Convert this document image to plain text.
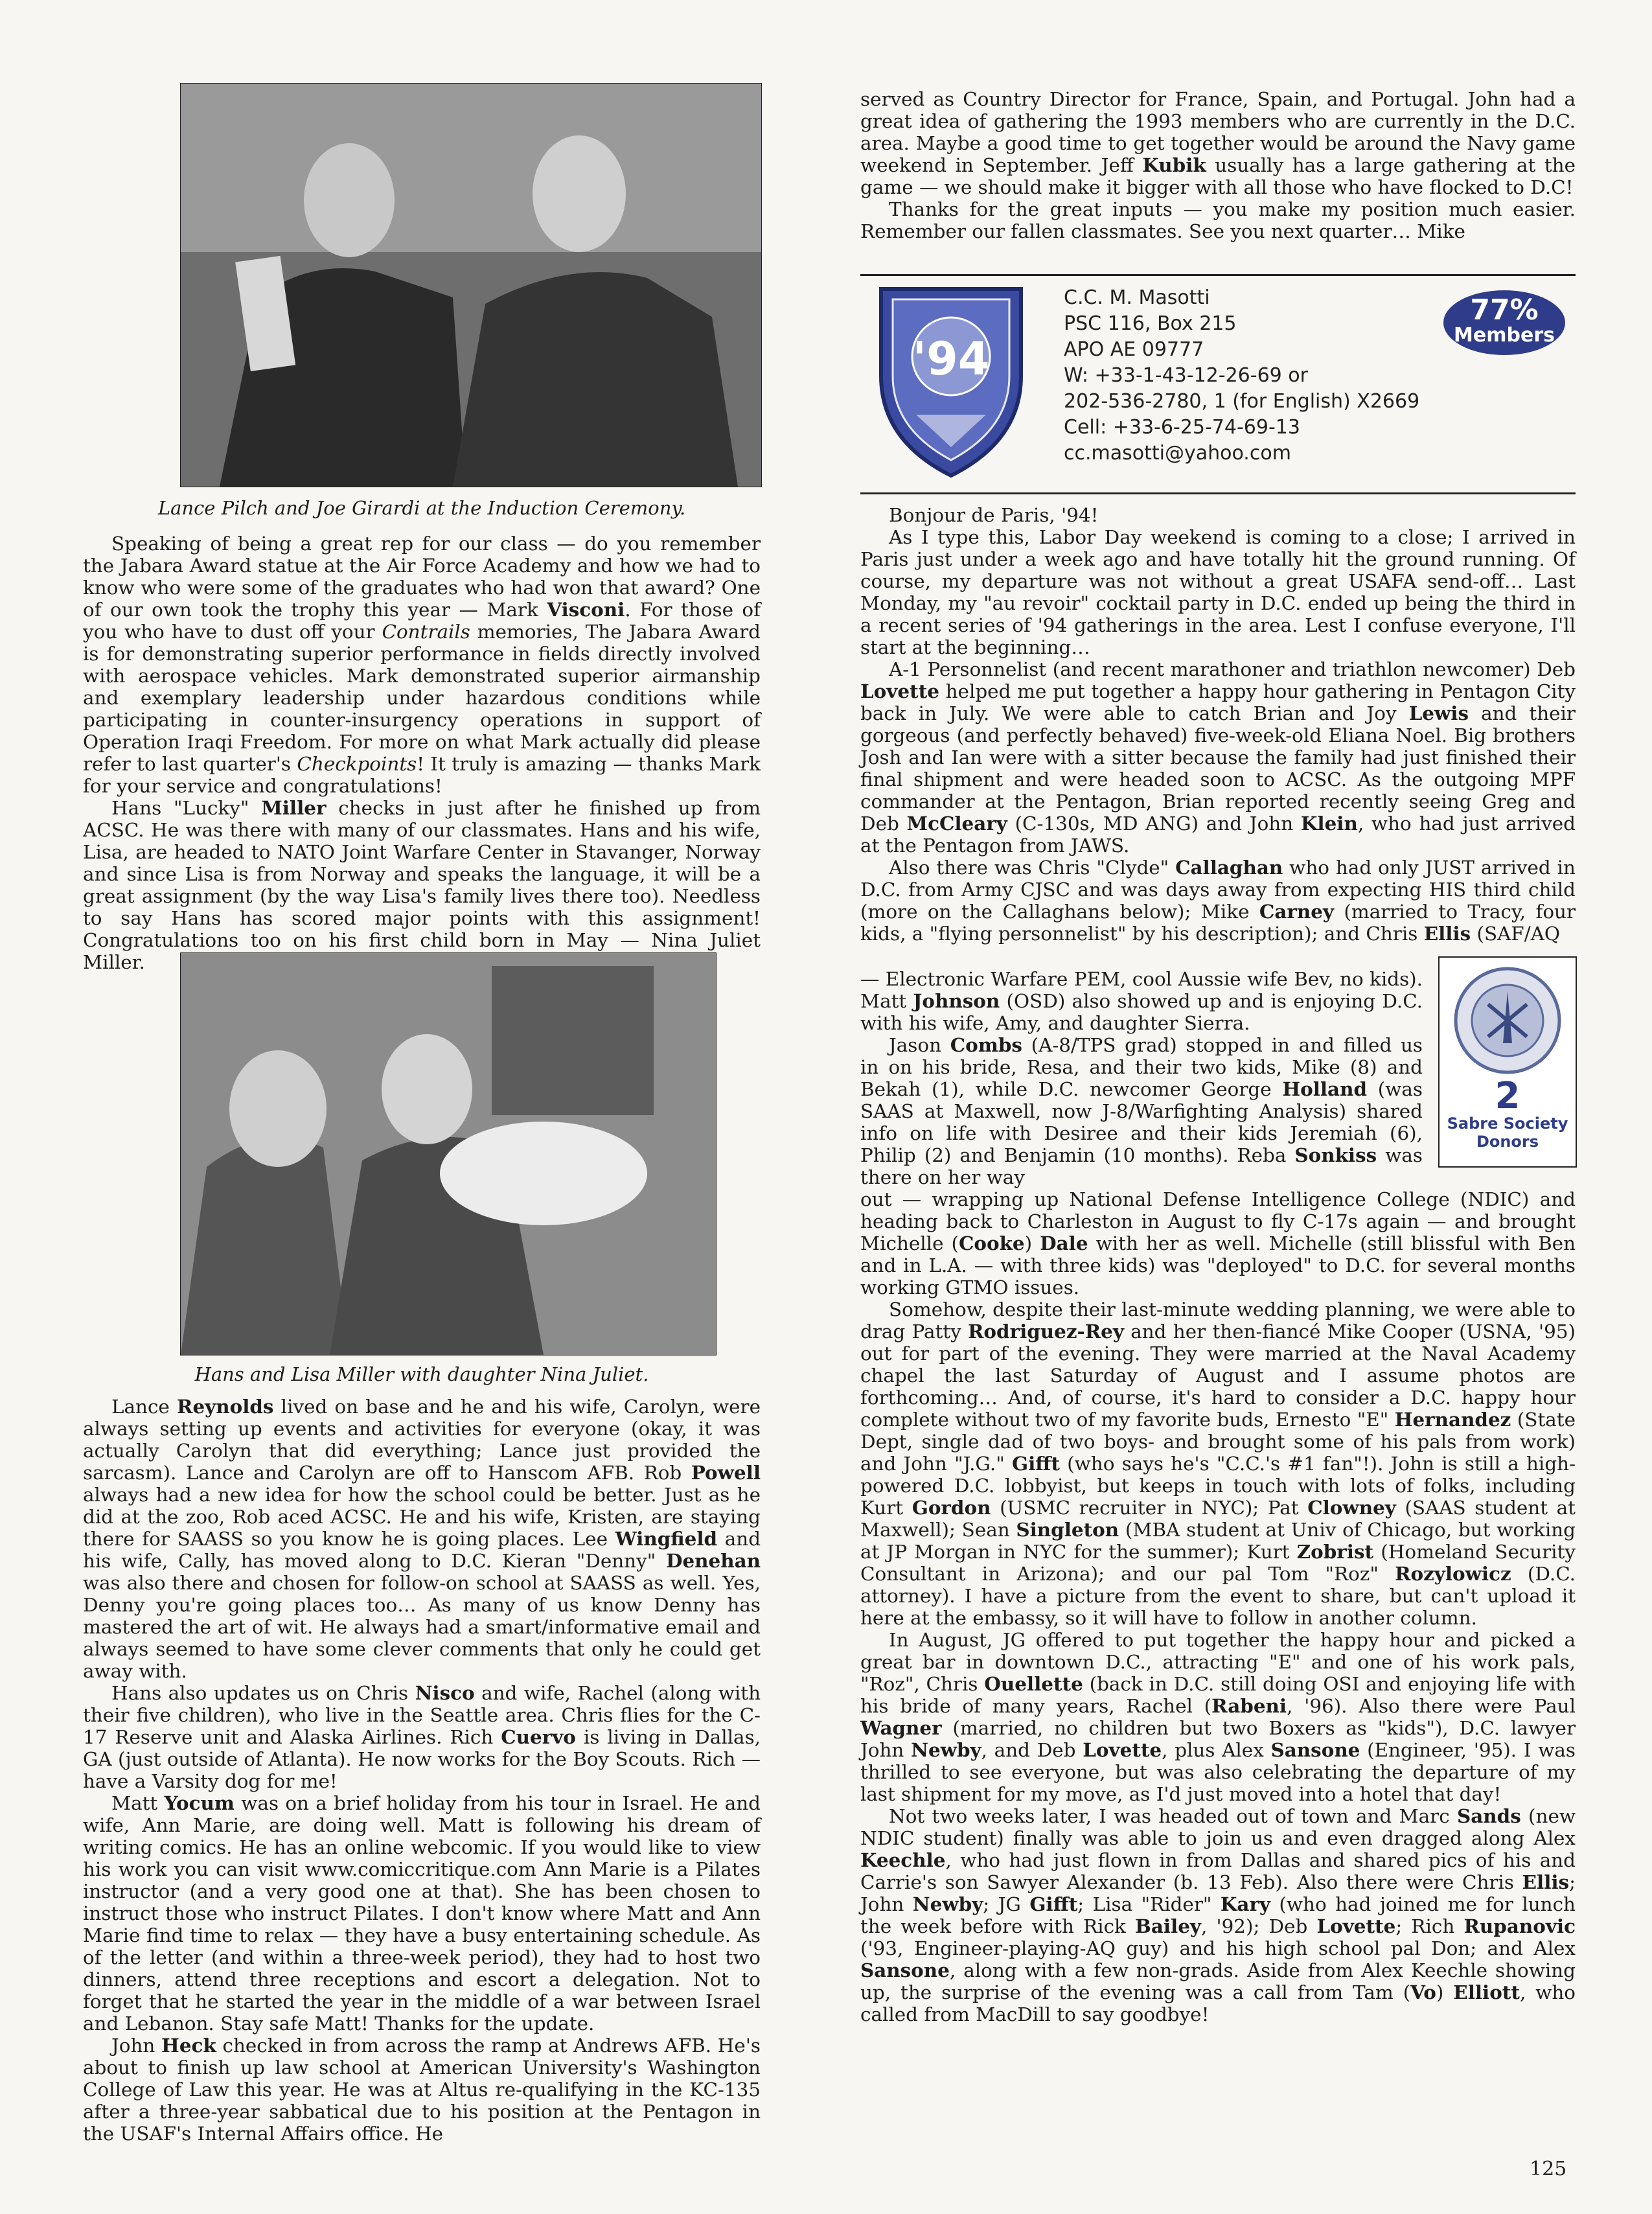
Lance Pilch and Joe Girardi at the Induction Ceremony.

Speaking of being a great rep for our class — do you remember the Jabara Award statue at the Air Force Academy and how we had to know who were some of the graduates who had won that award? One of our own took the trophy this year — Mark Visconi. For those of you who have to dust off your Contrails memories, The Jabara Award is for demonstrating superior performance in fields directly involved with aerospace vehicles. Mark demonstrated superior airmanship and exemplary leadership under hazardous conditions while participating in counter-insurgency operations in support of Operation Iraqi Freedom. For more on what Mark actually did please refer to last quarter's Checkpoints! It truly is amazing — thanks Mark for your service and congratulations!

Hans "Lucky" Miller checks in just after he finished up from ACSC. He was there with many of our classmates. Hans and his wife, Lisa, are headed to NATO Joint Warfare Center in Stavanger, Norway and since Lisa is from Norway and speaks the language, it will be a great assignment (by the way Lisa's family lives there too). Needless to say Hans has scored major points with this assignment! Congratulations too on his first child born in May — Nina Juliet Miller.

Hans and Lisa Miller with daughter Nina Juliet.

Lance Reynolds lived on base and he and his wife, Carolyn, were always setting up events and activities for everyone (okay, it was actually Carolyn that did everything; Lance just provided the sarcasm). Lance and Carolyn are off to Hanscom AFB. Rob Powell always had a new idea for how the school could be better. Just as he did at the zoo, Rob aced ACSC. He and his wife, Kristen, are staying there for SAASS so you know he is going places. Lee Wingfield and his wife, Cally, has moved along to D.C. Kieran "Denny" Denehan was also there and chosen for follow-on school at SAASS as well. Yes, Denny you're going places too… As many of us know Denny has mastered the art of wit. He always had a smart/informative email and always seemed to have some clever comments that only he could get away with.

Hans also updates us on Chris Nisco and wife, Rachel (along with their five children), who live in the Seattle area. Chris flies for the C-17 Reserve unit and Alaska Airlines. Rich Cuervo is living in Dallas, GA (just outside of Atlanta). He now works for the Boy Scouts. Rich — have a Varsity dog for me!

Matt Yocum was on a brief holiday from his tour in Israel. He and wife, Ann Marie, are doing well. Matt is following his dream of writing comics. He has an online webcomic. If you would like to view his work you can visit www.comiccritique.com Ann Marie is a Pilates instructor (and a very good one at that). She has been chosen to instruct those who instruct Pilates. I don't know where Matt and Ann Marie find time to relax — they have a busy entertaining schedule. As of the letter (and within a three-week period), they had to host two dinners, attend three receptions and escort a delegation. Not to forget that he started the year in the middle of a war between Israel and Lebanon. Stay safe Matt! Thanks for the update.

John Heck checked in from across the ramp at Andrews AFB. He's about to finish up law school at American University's Washington College of Law this year. He was at Altus re-qualifying in the KC-135 after a three-year sabbatical due to his position at the Pentagon in the USAF's Internal Affairs office. He

served as Country Director for France, Spain, and Portugal. John had a great idea of gathering the 1993 members who are currently in the D.C. area. Maybe a good time to get together would be around the Navy game weekend in September. Jeff Kubik usually has a large gathering at the game — we should make it bigger with all those who have flocked to D.C!

Thanks for the great inputs — you make my position much easier. Remember our fallen classmates. See you next quarter… Mike

'94
C.C. M. Masotti
PSC 116, Box 215
APO AE 09777
W: +33-1-43-12-26-69 or
202-536-2780, 1 (for English) X2669
Cell: +33-6-25-74-69-13
cc.masotti@yahoo.com
77%
Members

Bonjour de Paris, '94!

As I type this, Labor Day weekend is coming to a close; I arrived in Paris just under a week ago and have totally hit the ground running. Of course, my departure was not without a great USAFA send-off… Last Monday, my "au revoir" cocktail party in D.C. ended up being the third in a recent series of '94 gatherings in the area. Lest I confuse everyone, I'll start at the beginning…

A-1 Personnelist (and recent marathoner and triathlon newcomer) Deb Lovette helped me put together a happy hour gathering in Pentagon City back in July. We were able to catch Brian and Joy Lewis and their gorgeous (and perfectly behaved) five-week-old Eliana Noel. Big brothers Josh and Ian were with a sitter because the family had just finished their final shipment and were headed soon to ACSC. As the outgoing MPF commander at the Pentagon, Brian reported recently seeing Greg and Deb McCleary (C-130s, MD ANG) and John Klein, who had just arrived at the Pentagon from JAWS.

Also there was Chris "Clyde" Callaghan who had only JUST arrived in D.C. from Army CJSC and was days away from expecting HIS third child (more on the Callaghans below); Mike Carney (married to Tracy, four kids, a "flying personnelist" by his description); and Chris Ellis (SAF/AQ

— Electronic Warfare PEM, cool Aussie wife Bev, no kids). Matt Johnson (OSD) also showed up and is enjoying D.C. with his wife, Amy, and daughter Sierra.

Jason Combs (A-8/TPS grad) stopped in and filled us in on his bride, Resa, and their two kids, Mike (8) and Bekah (1), while D.C. newcomer George Holland (was SAAS at Maxwell, now J-8/Warfighting Analysis) shared info on life with Desiree and their kids Jeremiah (6), Philip (2) and Benjamin (10 months). Reba Sonkiss was there on her way

2
Sabre Society
Donors

out — wrapping up National Defense Intelligence College (NDIC) and heading back to Charleston in August to fly C-17s again — and brought Michelle (Cooke) Dale with her as well. Michelle (still blissful with Ben and in L.A. — with three kids) was "deployed" to D.C. for several months working GTMO issues.

Somehow, despite their last-minute wedding planning, we were able to drag Patty Rodriguez-Rey and her then-fiancé Mike Cooper (USNA, '95) out for part of the evening. They were married at the Naval Academy chapel the last Saturday of August and I assume photos are forthcoming… And, of course, it's hard to consider a D.C. happy hour complete without two of my favorite buds, Ernesto "E" Hernandez (State Dept, single dad of two boys- and brought some of his pals from work) and John "J.G." Gifft (who says he's "C.C.'s #1 fan"!). John is still a high-powered D.C. lobbyist, but keeps in touch with lots of folks, including Kurt Gordon (USMC recruiter in NYC); Pat Clowney (SAAS student at Maxwell); Sean Singleton (MBA student at Univ of Chicago, but working at JP Morgan in NYC for the summer); Kurt Zobrist (Homeland Security Consultant in Arizona); and our pal Tom "Roz" Rozylowicz (D.C. attorney). I have a picture from the event to share, but can't upload it here at the embassy, so it will have to follow in another column.

In August, JG offered to put together the happy hour and picked a great bar in downtown D.C., attracting "E" and one of his work pals, "Roz", Chris Ouellette (back in D.C. still doing OSI and enjoying life with his bride of many years, Rachel (Rabeni, '96). Also there were Paul Wagner (married, no children but two Boxers as "kids"), D.C. lawyer John Newby, and Deb Lovette, plus Alex Sansone (Engineer, '95). I was thrilled to see everyone, but was also celebrating the departure of my last shipment for my move, as I'd just moved into a hotel that day!

Not two weeks later, I was headed out of town and Marc Sands (new NDIC student) finally was able to join us and even dragged along Alex Keechle, who had just flown in from Dallas and shared pics of his and Carrie's son Sawyer Alexander (b. 13 Feb). Also there were Chris Ellis; John Newby; JG Gifft; Lisa "Rider" Kary (who had joined me for lunch the week before with Rick Bailey, '92); Deb Lovette; Rich Rupanovic ('93, Engineer-playing-AQ guy) and his high school pal Don; and Alex Sansone, along with a few non-grads. Aside from Alex Keechle showing up, the surprise of the evening was a call from Tam (Vo) Elliott, who called from MacDill to say goodbye!

125
